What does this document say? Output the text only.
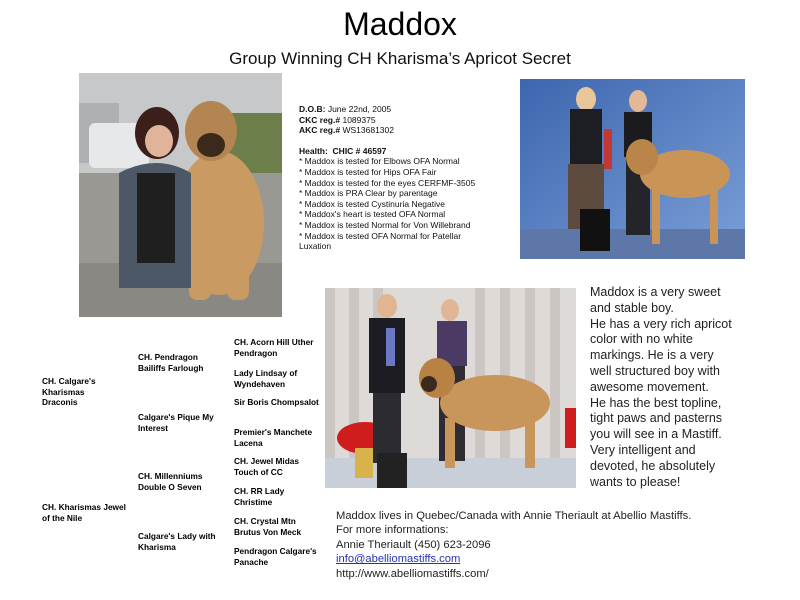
Maddox
Group Winning CH Kharisma’s Apricot Secret
D.O.B: June 22nd, 2005
CKC reg.# 1089375
AKC reg.# WS13681302
Health: CHIC # 46597
* Maddox is tested for Elbows OFA Normal
* Maddox is tested for Hips OFA Fair
* Maddox is tested for the eyes CERFMF-3505
* Maddox is PRA Clear by parentage
* Maddox is tested Cystinuria Negative
* Maddox's heart is tested OFA Normal
* Maddox is tested Normal for Von Willebrand
* Maddox is tested OFA Normal for Patellar
Luxation
Maddox is a very sweet
and stable boy.
He has a very rich apricot
color with no white
markings. He is a very
well structured boy with
awesome movement.
He has the best topline,
tight paws and pasterns
you will see in a Mastiff.
Very intelligent and
devoted, he absolutely
wants to please!
Maddox lives in Quebec/Canada with Annie Theriault at Abellio Mastiffs.
For more informations:
Annie Theriault (450) 623-2096
info@abelliomastiffs.com
http://www.abelliomastiffs.com/
CH. Calgare's Kharismas Draconis
CH. Kharismas Jewel of the Nile
CH. Pendragon Bailiffs Farlough
Calgare's Pique My Interest
CH. Millenniums Double O Seven
Calgare's Lady with Kharisma
CH. Acorn Hill Uther Pendragon
Lady Lindsay of Wyndehaven
Sir Boris Chompsalot
Premier's Manchete Lacena
CH. Jewel Midas Touch of CC
CH. RR Lady Christime
CH. Crystal Mtn Brutus Von Meck
Pendragon Calgare's Panache
